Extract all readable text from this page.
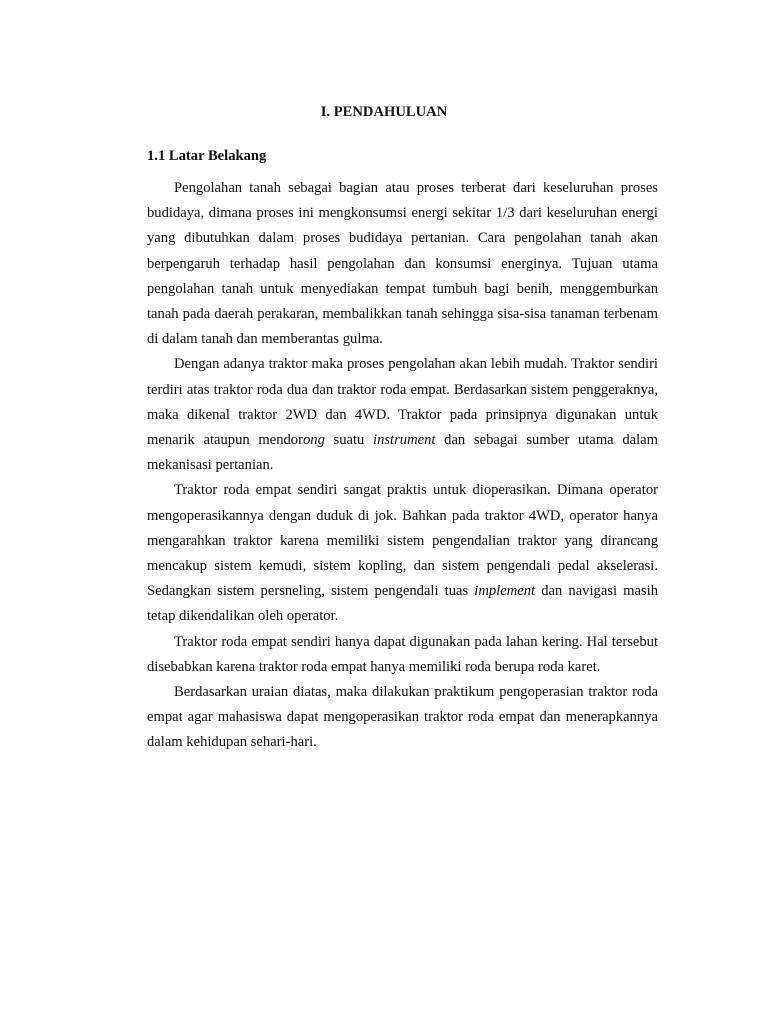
I. PENDAHULUAN
1.1 Latar Belakang

Pengolahan tanah sebagai bagian atau proses terberat dari keseluruhan proses budidaya, dimana proses ini mengkonsumsi energi sekitar 1/3 dari keseluruhan energi yang dibutuhkan dalam proses budidaya pertanian. Cara pengolahan tanah akan berpengaruh terhadap hasil pengolahan dan konsumsi energinya. Tujuan utama pengolahan tanah untuk menyediakan tempat tumbuh bagi benih, menggemburkan tanah pada daerah perakaran, membalikkan tanah sehingga sisa-sisa tanaman terbenam di dalam tanah dan memberantas gulma.

Dengan adanya traktor maka proses pengolahan akan lebih mudah. Traktor sendiri terdiri atas traktor roda dua dan traktor roda empat. Berdasarkan sistem penggeraknya, maka dikenal traktor 2WD dan 4WD. Traktor pada prinsipnya digunakan untuk menarik ataupun mendorong suatu instrument dan sebagai sumber utama dalam mekanisasi pertanian.

Traktor roda empat sendiri sangat praktis untuk dioperasikan. Dimana operator mengoperasikannya dengan duduk di jok. Bahkan pada traktor 4WD, operator hanya mengarahkan traktor karena memiliki sistem pengendalian traktor yang dirancang mencakup sistem kemudi, sistem kopling, dan sistem pengendali pedal akselerasi. Sedangkan sistem persneling, sistem pengendali tuas implement dan navigasi masih tetap dikendalikan oleh operator.

Traktor roda empat sendiri hanya dapat digunakan pada lahan kering. Hal tersebut disebabkan karena traktor roda empat hanya memiliki roda berupa roda karet.

Berdasarkan uraian diatas, maka dilakukan praktikum pengoperasian traktor roda empat agar mahasiswa dapat mengoperasikan traktor roda empat dan menerapkannya dalam kehidupan sehari-hari.
